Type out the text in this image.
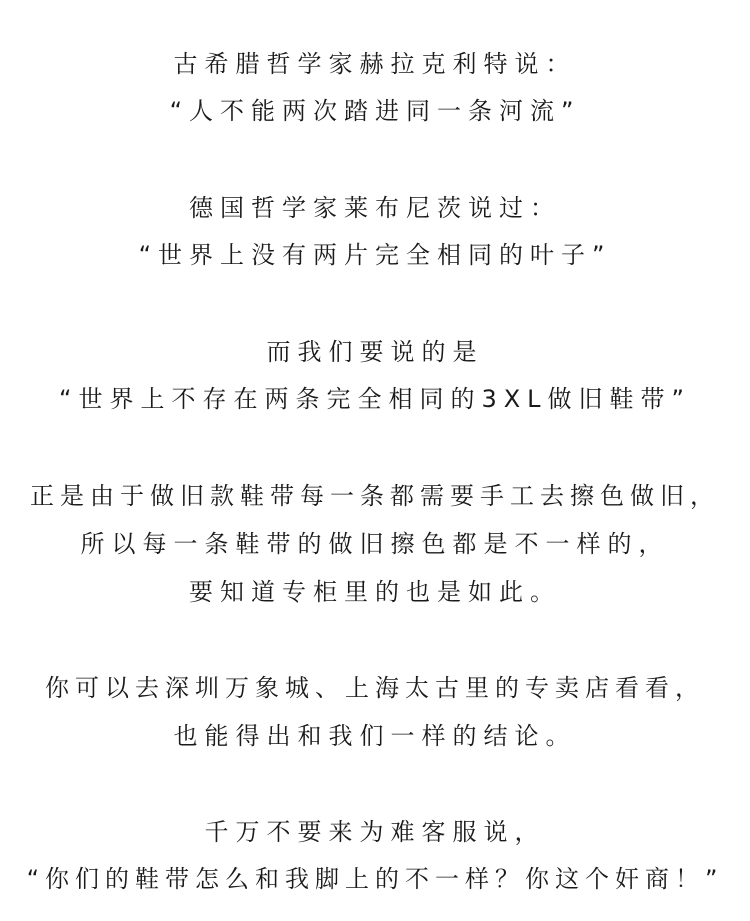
古希腊哲学家赫拉克利特说：
“人不能两次踏进同一条河流”
德国哲学家莱布尼茨说过：
“世界上没有两片完全相同的叶子”
而我们要说的是
“世界上不存在两条完全相同的3XL做旧鞋带”
正是由于做旧款鞋带每一条都需要手工去擦色做旧，
所以每一条鞋带的做旧擦色都是不一样的，
要知道专柜里的也是如此。
你可以去深圳万象城、上海太古里的专卖店看看，
也能得出和我们一样的结论。
千万不要来为难客服说，
“你们的鞋带怎么和我脚上的不一样？你这个奸商！”
